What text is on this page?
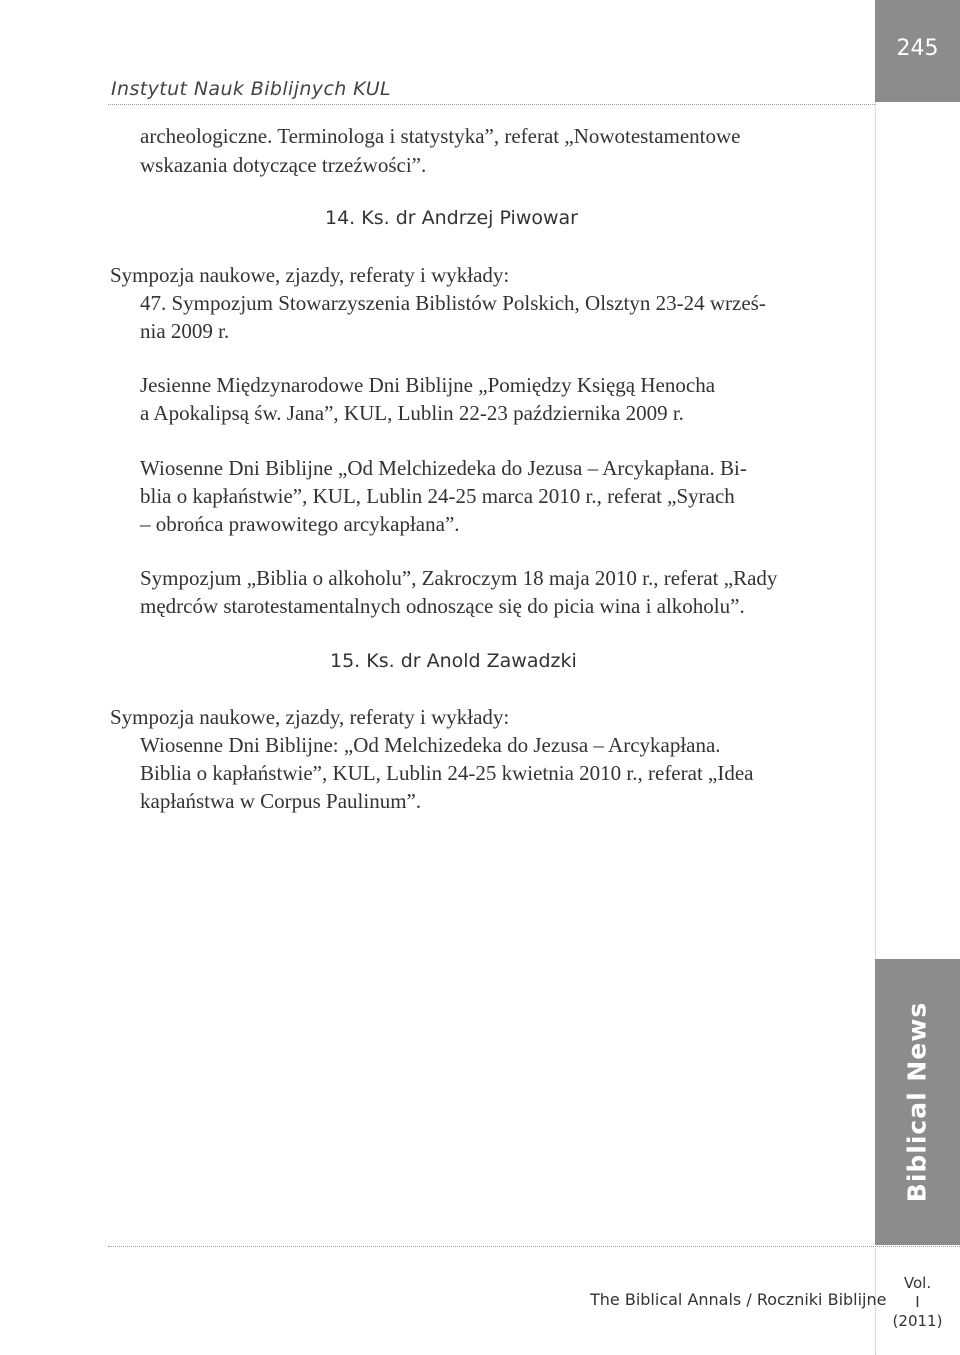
245
Biblical News
Instytut Nauk Biblijnych KUL
archeologiczne. Terminologa i statystyka”, referat „Nowotestamentowe
wskazania dotyczące trzeźwości”.
14. Ks. dr Andrzej Piwowar
Sympozja naukowe, zjazdy, referaty i wykłady:
47. Sympozjum Stowarzyszenia Biblistów Polskich, Olsztyn 23-24 wrześ-
nia 2009 r.
Jesienne Międzynarodowe Dni Biblijne „Pomiędzy Księgą Henocha
a Apokalipsą św. Jana”, KUL, Lublin 22-23 października 2009 r.
Wiosenne Dni Biblijne „Od Melchizedeka do Jezusa – Arcykapłana. Bi-
blia o kapłaństwie”, KUL, Lublin 24-25 marca 2010 r., referat „Syrach
– obrońca prawowitego arcykapłana”.
Sympozjum „Biblia o alkoholu”, Zakroczym 18 maja 2010 r., referat „Rady
mędrców starotestamentalnych odnoszące się do picia wina i alkoholu”.
15. Ks. dr Anold Zawadzki
Sympozja naukowe, zjazdy, referaty i wykłady:
Wiosenne Dni Biblijne: „Od Melchizedeka do Jezusa – Arcykapłana.
Biblia o kapłaństwie”, KUL, Lublin 24-25 kwietnia 2010 r., referat „Idea
kapłaństwa w Corpus Paulinum”.
The Biblical Annals / Roczniki Biblijne
Vol.
I
(2011)
